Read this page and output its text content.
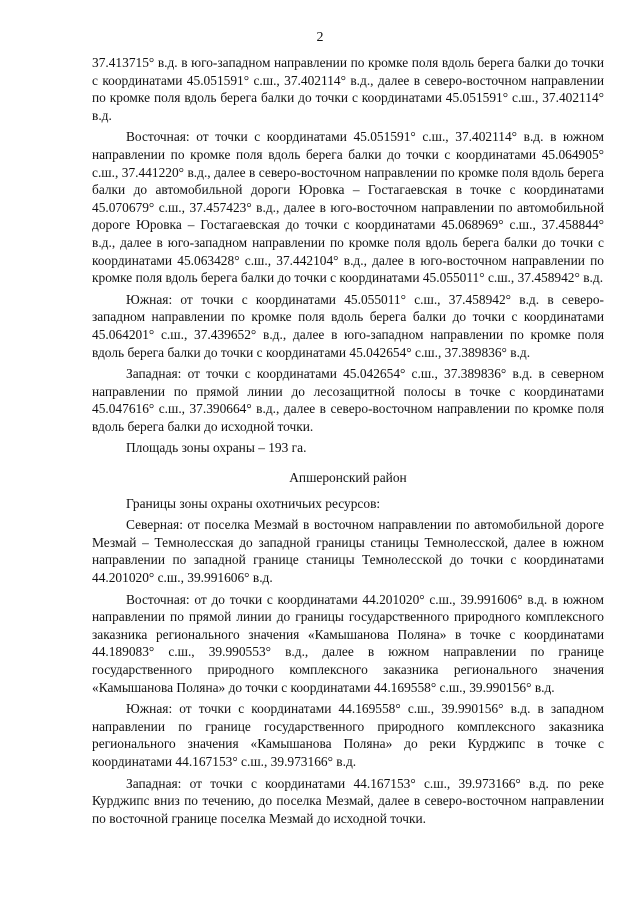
2

37.413715° в.д. в юго-западном направлении по кромке поля вдоль берега балки до точки с координатами 45.051591° с.ш., 37.402114° в.д., далее в северо-восточном направлении по кромке поля вдоль берега балки до точки с координатами 45.051591° с.ш., 37.402114° в.д.

Восточная: от точки с координатами 45.051591° с.ш., 37.402114° в.д. в южном направлении по кромке поля вдоль берега балки до точки с координатами 45.064905° с.ш., 37.441220° в.д., далее в северо-восточном направлении по кромке поля вдоль берега балки до автомобильной дороги Юровка – Гостагаевская в точке с координатами 45.070679° с.ш., 37.457423° в.д., далее в юго-восточном направлении по автомобильной дороге Юровка – Гостагаевская до точки с координатами 45.068969° с.ш., 37.458844° в.д., далее в юго-западном направлении по кромке поля вдоль берега балки до точки с координатами 45.063428° с.ш., 37.442104° в.д., далее в юго-восточном направлении по кромке поля вдоль берега балки до точки с координатами 45.055011° с.ш., 37.458942° в.д.

Южная: от точки с координатами 45.055011° с.ш., 37.458942° в.д. в северо-западном направлении по кромке поля вдоль берега балки до точки с координатами 45.064201° с.ш., 37.439652° в.д., далее в юго-западном направлении по кромке поля вдоль берега балки до точки с координатами 45.042654° с.ш., 37.389836° в.д.

Западная: от точки с координатами 45.042654° с.ш., 37.389836° в.д. в северном направлении по прямой линии до лесозащитной полосы в точке с координатами 45.047616° с.ш., 37.390664° в.д., далее в северо-восточном направлении по кромке поля вдоль берега балки до исходной точки.

Площадь зоны охраны – 193 га.

Апшеронский район

Границы зоны охраны охотничьих ресурсов:

Северная: от поселка Мезмай в восточном направлении по автомобильной дороге Мезмай – Темнолесская до западной границы станицы Темнолесской, далее в южном направлении по западной границе станицы Темнолесской до точки с координатами 44.201020° с.ш., 39.991606° в.д.

Восточная: от до точки с координатами 44.201020° с.ш., 39.991606° в.д. в южном направлении по прямой линии до границы государственного природного комплексного заказника регионального значения «Камышанова Поляна» в точке с координатами 44.189083° с.ш., 39.990553° в.д., далее в южном направлении по границе государственного природного комплексного заказника регионального значения «Камышанова Поляна» до точки с координатами 44.169558° с.ш., 39.990156° в.д.

Южная: от точки с координатами 44.169558° с.ш., 39.990156° в.д. в западном направлении по границе государственного природного комплексного заказника регионального значения «Камышанова Поляна» до реки Курджипс в точке с координатами 44.167153° с.ш., 39.973166° в.д.

Западная: от точки с координатами 44.167153° с.ш., 39.973166° в.д. по реке Курджипс вниз по течению, до поселка Мезмай, далее в северо-восточном направлении по восточной границе поселка Мезмай до исходной точки.
